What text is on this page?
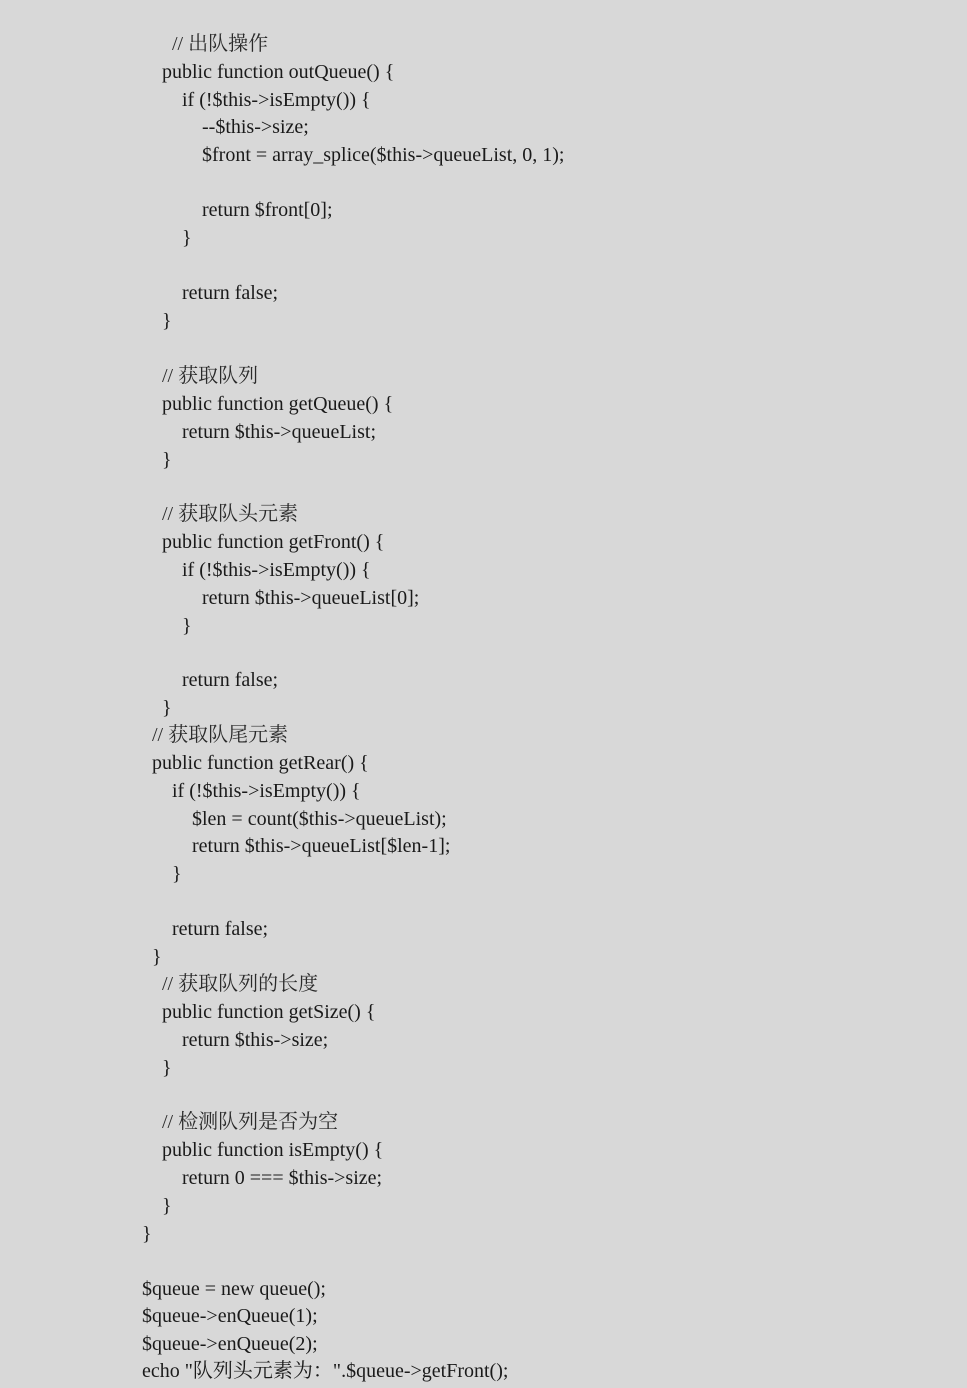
// 出队操作
public function outQueue() {
if (!$this->isEmpty()) {
--$this->size;
$front = array_splice($this->queueList, 0, 1);
return $front[0];
}
return false;
}
// 获取队列
public function getQueue() {
return $this->queueList;
}
// 获取队头元素
public function getFront() {
if (!$this->isEmpty()) {
return $this->queueList[0];
}
return false;
}
// 获取队尾元素
public function getRear() {
if (!$this->isEmpty()) {
$len = count($this->queueList);
return $this->queueList[$len-1];
}
return false;
}
// 获取队列的长度
public function getSize() {
return $this->size;
}
// 检测队列是否为空
public function isEmpty() {
return 0 === $this->size;
}
}
$queue = new queue();
$queue->enQueue(1);
$queue->enQueue(2);
echo "队列头元素为：".$queue->getFront();
